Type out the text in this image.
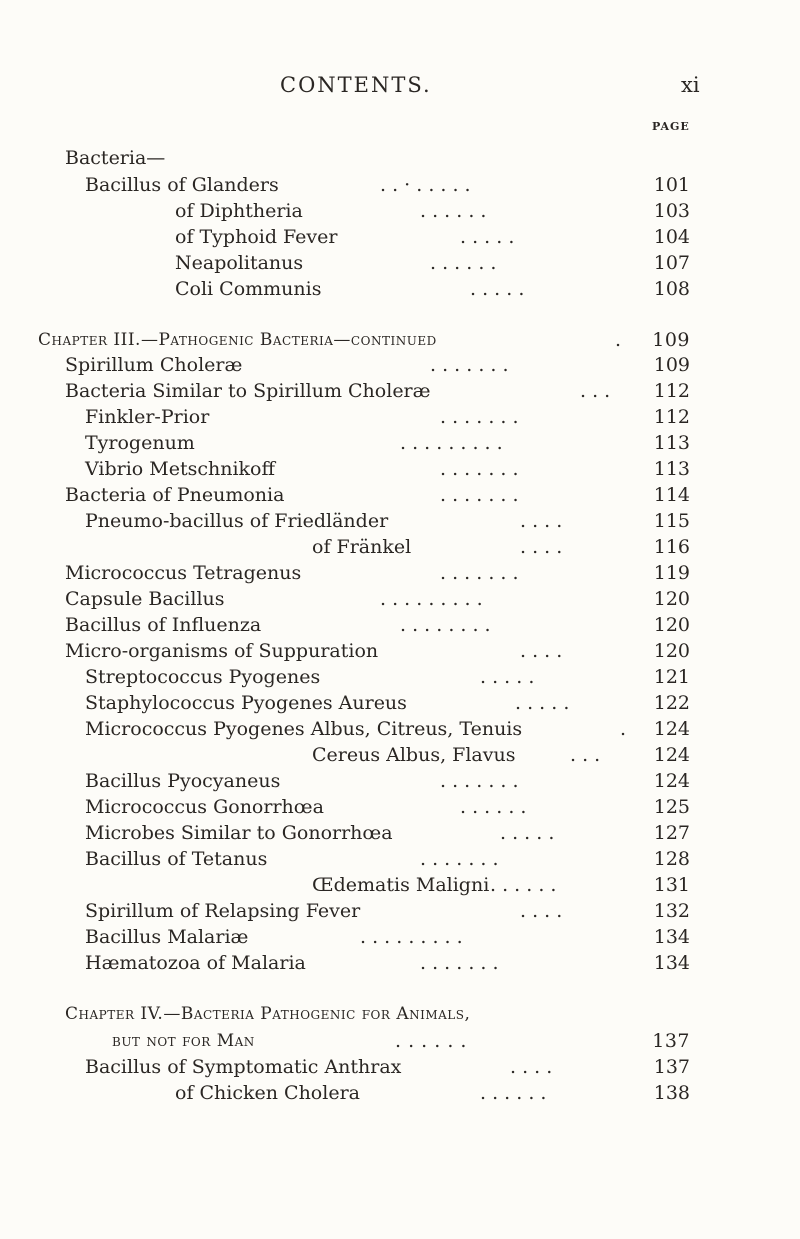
CONTENTS.	xi
PAGE
Bacteria—
Bacillus of Glanders	. . · . . . . .	101
of Diphtheria	. . . . . .	103
of Typhoid Fever	. . . . .	104
Neapolitanus	. . . . . .	107
Coli Communis	. . . . .	108
Chapter III.—Pathogenic Bacteria—continued	.	109
Spirillum Choleræ	. . . . . . .	109
Bacteria Similar to Spirillum Choleræ	. . .	112
Finkler-Prior	. . . . . . .	112
Tyrogenum	. . . . . . . . .	113
Vibrio Metschnikoff	. . . . . . .	113
Bacteria of Pneumonia	. . . . . . .	114
Pneumo-bacillus of Friedländer	. . . .	115
of Fränkel	. . . .	116
Micrococcus Tetragenus	. . . . . . .	119
Capsule Bacillus	. . . . . . . . .	120
Bacillus of Influenza	. . . . . . . .	120
Micro-organisms of Suppuration	. . . .	120
Streptococcus Pyogenes	. . . . .	121
Staphylococcus Pyogenes Aureus	. . . . .	122
Micrococcus Pyogenes Albus, Citreus, Tenuis	.	124
Cereus Albus, Flavus	. . .	124
Bacillus Pyocyaneus	. . . . . . .	124
Micrococcus Gonorrhœa	. . . . . .	125
Microbes Similar to Gonorrhœa	. . . . .	127
Bacillus of Tetanus	. . . . . . .	128
Œdematis Maligni . . . . . .	131
Spirillum of Relapsing Fever	. . . .	132
Bacillus Malariæ	. . . . . . . . .	134
Hæmatozoa of Malaria	. . . . . . .	134
Chapter IV.—Bacteria Pathogenic for Animals,
but not for Man	. . . . . .	137
Bacillus of Symptomatic Anthrax	. . . .	137
of Chicken Cholera	. . . . . .	138
